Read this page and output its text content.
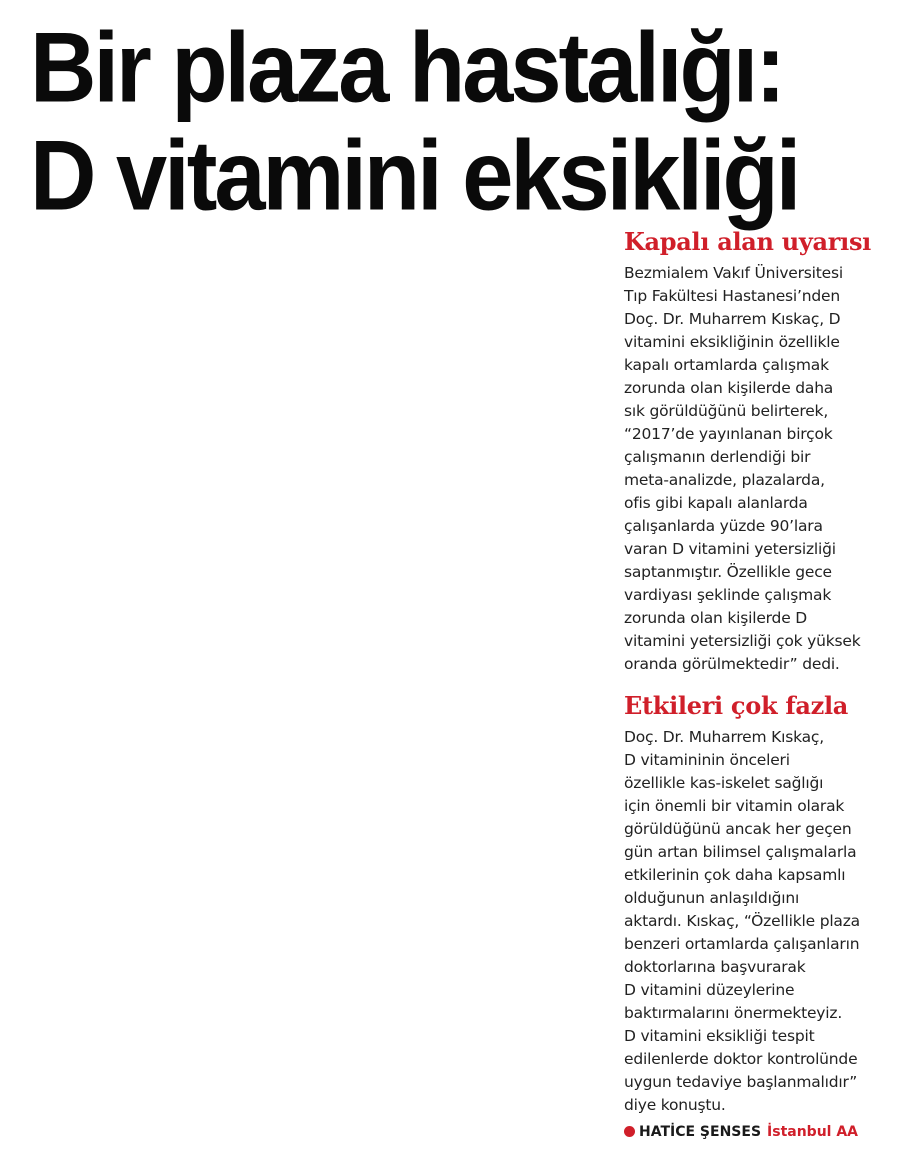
Bir plaza hastalığı:
D vitamini eksikliği
Kapalı alan uyarısı
Bezmialem Vakıf Üniversitesi
Tıp Fakültesi Hastanesi’nden
Doç. Dr. Muharrem Kıskaç, D
vitamini eksikliğinin özellikle
kapalı ortamlarda çalışmak
zorunda olan kişilerde daha
sık görüldüğünü belirterek,
“2017’de yayınlanan birçok
çalışmanın derlendiği bir
meta-analizde, plazalarda,
ofis gibi kapalı alanlarda
çalışanlarda yüzde 90’lara
varan D vitamini yetersizliği
saptanmıştır. Özellikle gece
vardiyası şeklinde çalışmak
zorunda olan kişilerde D
vitamini yetersizliği çok yüksek
oranda görülmektedir” dedi.
Etkileri çok fazla
Doç. Dr. Muharrem Kıskaç,
D vitamininin önceleri
özellikle kas-iskelet sağlığı
için önemli bir vitamin olarak
görüldüğünü ancak her geçen
gün artan bilimsel çalışmalarla
etkilerinin çok daha kapsamlı
olduğunun anlaşıldığını
aktardı. Kıskaç, “Özellikle plaza
benzeri ortamlarda çalışanların
doktorlarına başvurarak
D vitamini düzeylerine
baktırmalarını önermekteyiz.
D vitamini eksikliği tespit
edilenlerde doktor kontrolünde
uygun tedaviye başlanmalıdır”
diye konuştu.
HATİCE ŞENSES İstanbul AA
